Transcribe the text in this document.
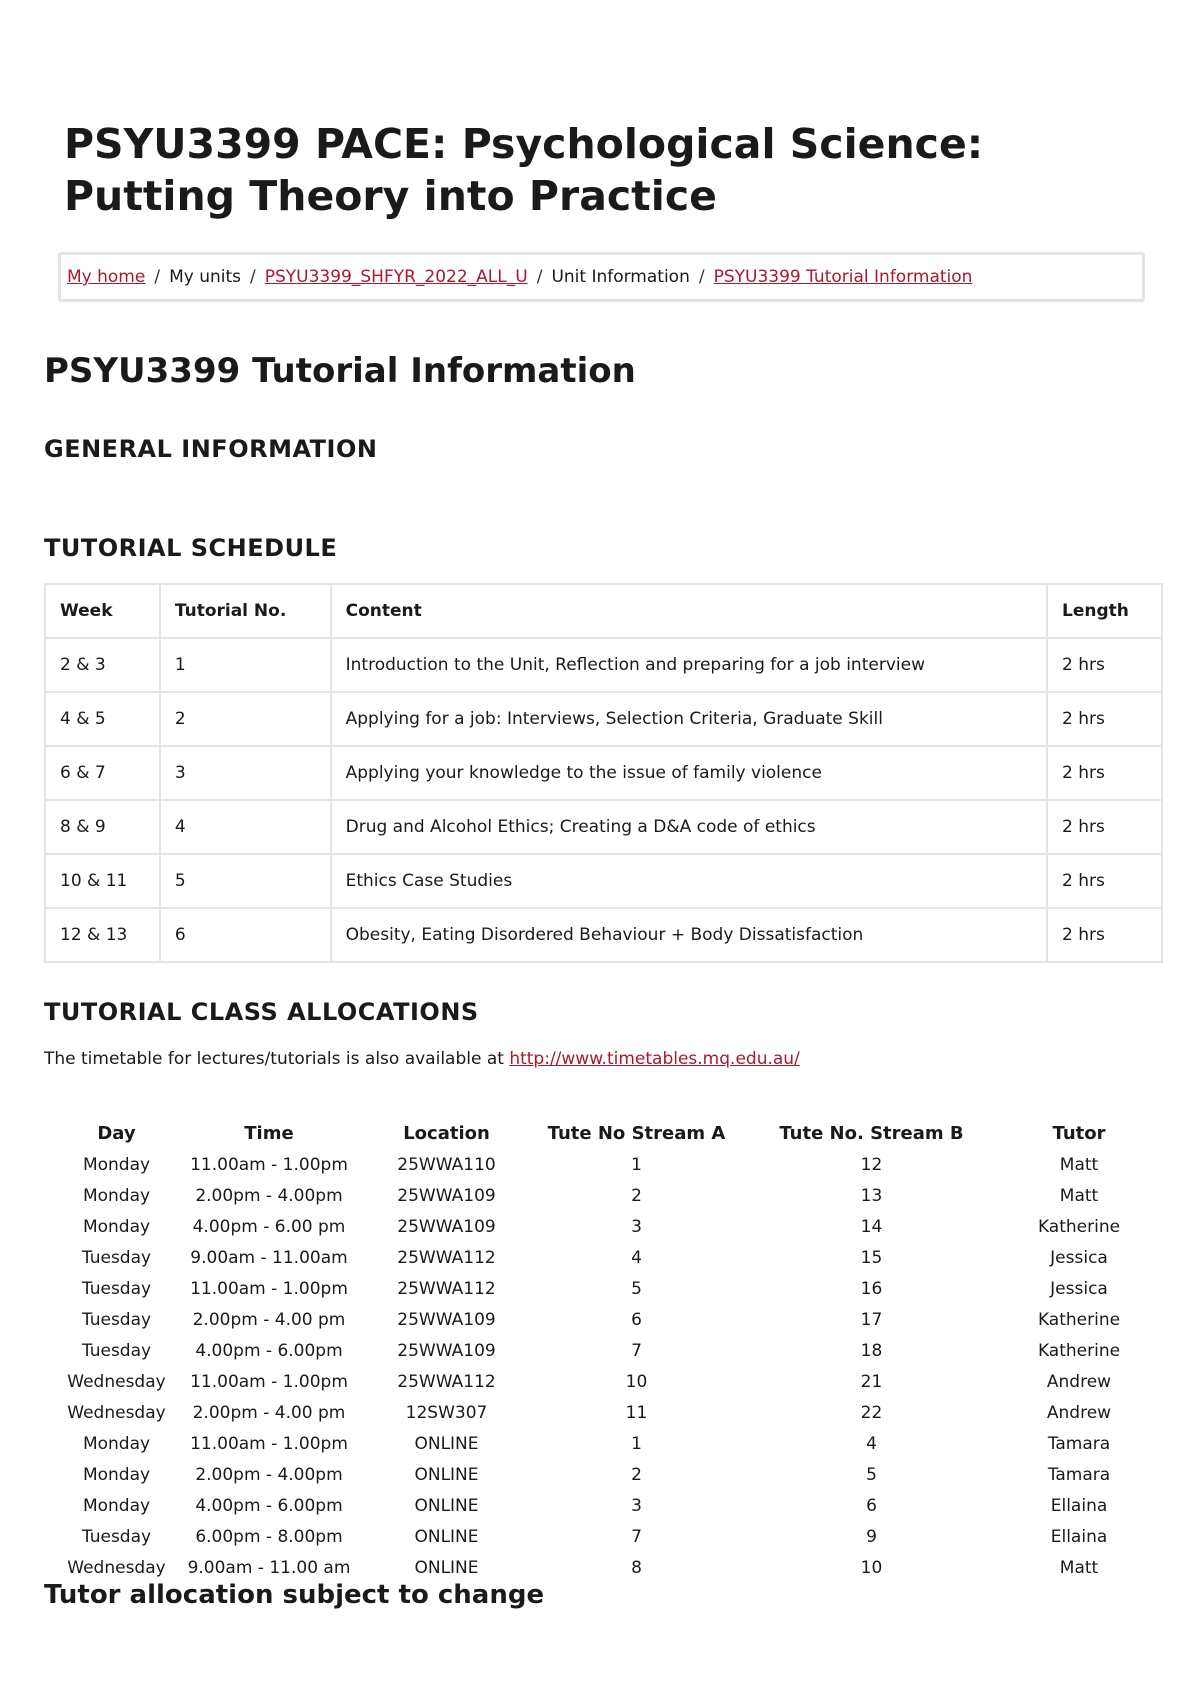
PSYU3399 PACE: Psychological Science: Putting Theory into Practice
My home / My units / PSYU3399_SHFYR_2022_ALL_U / Unit Information / PSYU3399 Tutorial Information
PSYU3399 Tutorial Information
GENERAL INFORMATION
TUTORIAL SCHEDULE
Week	Tutorial No.	Content	Length
2 & 3	1	Introduction to the Unit, Reflection and preparing for a job interview	2 hrs
4 & 5	2	Applying for a job: Interviews, Selection Criteria, Graduate Skill	2 hrs
6 & 7	3	Applying your knowledge to the issue of family violence	2 hrs
8 & 9	4	Drug and Alcohol Ethics; Creating a D&A code of ethics	2 hrs
10 & 11	5	Ethics Case Studies	2 hrs
12 & 13	6	Obesity, Eating Disordered Behaviour + Body Dissatisfaction	2 hrs
TUTORIAL CLASS ALLOCATIONS

The timetable for lectures/tutorials is also available at http://www.timetables.mq.edu.au/

Day	Time	Location	Tute No Stream A	Tute No. Stream B	Tutor
Monday	11.00am - 1.00pm	25WWA110	1	12	Matt
Monday	2.00pm - 4.00pm	25WWA109	2	13	Matt
Monday	4.00pm - 6.00 pm	25WWA109	3	14	Katherine
Tuesday	9.00am - 11.00am	25WWA112	4	15	Jessica
Tuesday	11.00am - 1.00pm	25WWA112	5	16	Jessica
Tuesday	2.00pm - 4.00 pm	25WWA109	6	17	Katherine
Tuesday	4.00pm - 6.00pm	25WWA109	7	18	Katherine
Wednesday	11.00am - 1.00pm	25WWA112	10	21	Andrew
Wednesday	2.00pm - 4.00 pm	12SW307	11	22	Andrew
Monday	11.00am - 1.00pm	ONLINE	1	4	Tamara
Monday	2.00pm - 4.00pm	ONLINE	2	5	Tamara
Monday	4.00pm - 6.00pm	ONLINE	3	6	Ellaina
Tuesday	6.00pm - 8.00pm	ONLINE	7	9	Ellaina
Wednesday	9.00am - 11.00 am	ONLINE	8	10	Matt
Tutor allocation subject to change
